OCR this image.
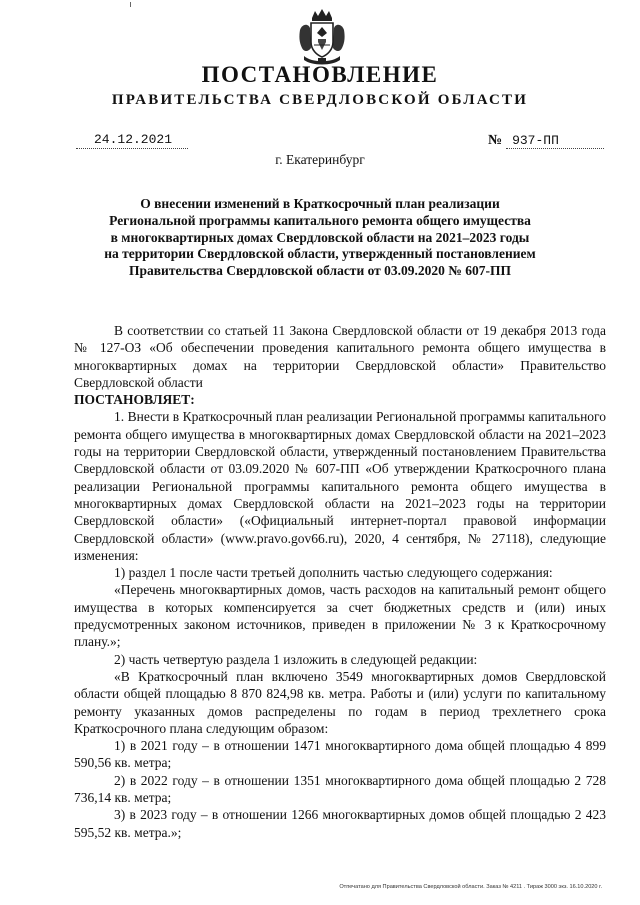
ПОСТАНОВЛЕНИЕ
ПРАВИТЕЛЬСТВА СВЕРДЛОВСКОЙ ОБЛАСТИ
24.12.2021	№ 937-ПП
г. Екатеринбург
О внесении изменений в Краткосрочный план реализации
Региональной программы капитального ремонта общего имущества
в многоквартирных домах Свердловской области на 2021–2023 годы
на территории Свердловской области, утвержденный постановлением
Правительства Свердловской области от 03.09.2020 № 607-ПП

В соответствии со статьей 11 Закона Свердловской области от 19 декабря 2013 года № 127-ОЗ «Об обеспечении проведения капитального ремонта общего имущества в многоквартирных домах на территории Свердловской области» Правительство Свердловской области

ПОСТАНОВЛЯЕТ:

1. Внести в Краткосрочный план реализации Региональной программы капитального ремонта общего имущества в многоквартирных домах Свердловской области на 2021–2023 годы на территории Свердловской области, утвержденный постановлением Правительства Свердловской области от 03.09.2020 № 607-ПП «Об утверждении Краткосрочного плана реализации Региональной программы капитального ремонта общего имущества в многоквартирных домах Свердловской области на 2021–2023 годы на территории Свердловской области» («Официальный интернет-портал правовой информации Свердловской области» (www.pravo.gov66.ru), 2020, 4 сентября, № 27118), следующие изменения:

1) раздел 1 после части третьей дополнить частью следующего содержания:

«Перечень многоквартирных домов, часть расходов на капитальный ремонт общего имущества в которых компенсируется за счет бюджетных средств и (или) иных предусмотренных законом источников, приведен в приложении № 3 к Краткосрочному плану.»;

2) часть четвертую раздела 1 изложить в следующей редакции:

«В Краткосрочный план включено 3549 многоквартирных домов Свердловской области общей площадью 8 870 824,98 кв. метра. Работы и (или) услуги по капитальному ремонту указанных домов распределены по годам в период трехлетнего срока Краткосрочного плана следующим образом:

1) в 2021 году – в отношении 1471 многоквартирного дома общей площадью 4 899 590,56 кв. метра;

2) в 2022 году – в отношении 1351 многоквартирного дома общей площадью 2 728 736,14 кв. метра;

3) в 2023 году – в отношении 1266 многоквартирных домов общей площадью 2 423 595,52 кв. метра.»;

Отпечатано для Правительства Свердловской области. Заказ № 4211 . Тираж 3000 экз. 16.10.2020 г.
